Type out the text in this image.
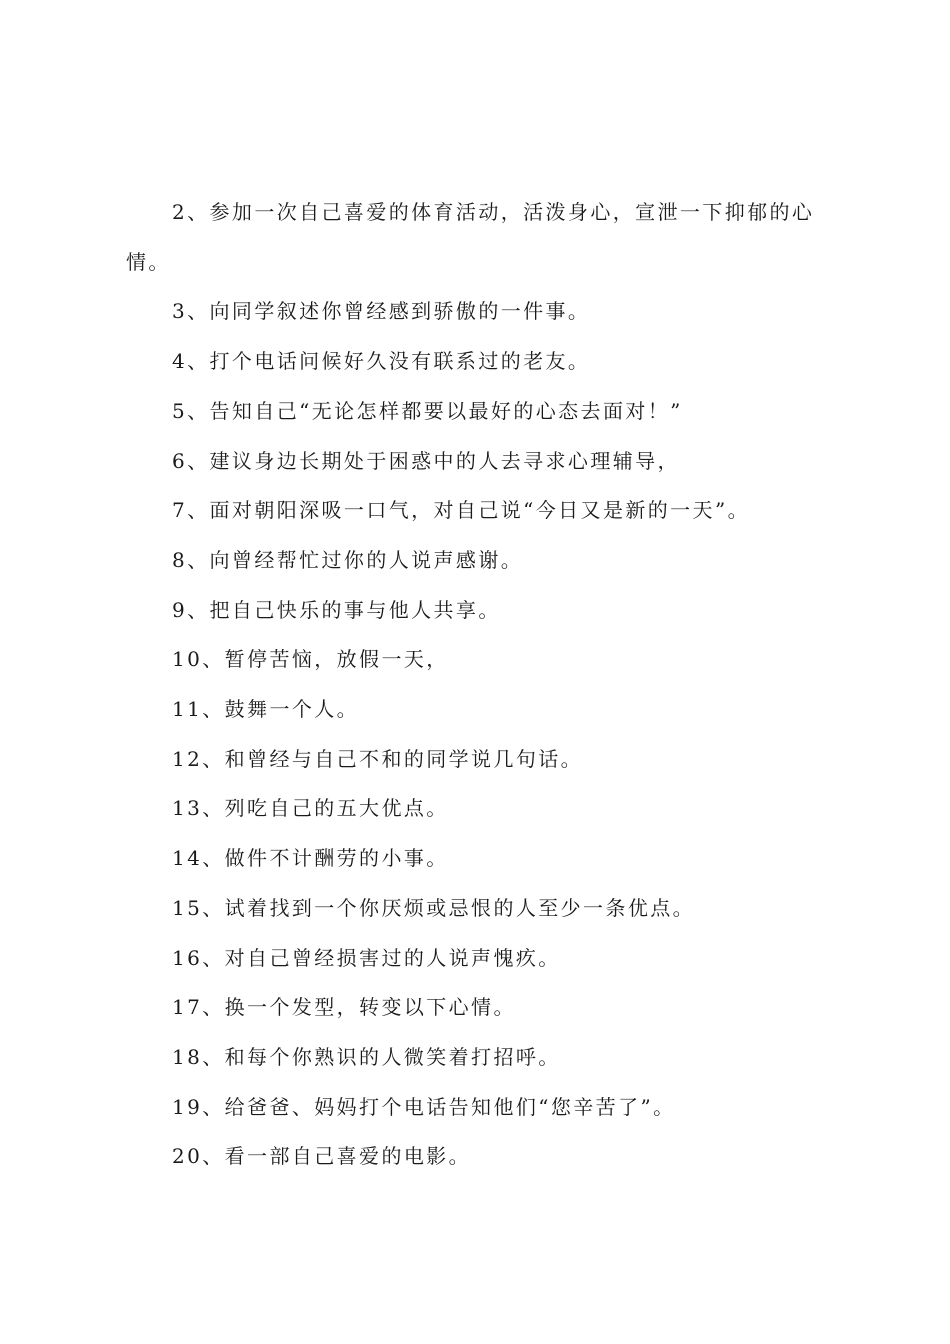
2、参加一次自己喜爱的体育活动，活泼身心，宣泄一下抑郁的心情。

3、向同学叙述你曾经感到骄傲的一件事。

4、打个电话问候好久没有联系过的老友。

5、告知自己“无论怎样都要以最好的心态去面对！”

6、建议身边长期处于困惑中的人去寻求心理辅导，

7、面对朝阳深吸一口气，对自己说“今日又是新的一天”。

8、向曾经帮忙过你的人说声感谢。

9、把自己快乐的事与他人共享。

10、暂停苦恼，放假一天，

11、鼓舞一个人。

12、和曾经与自己不和的同学说几句话。

13、列吃自己的五大优点。

14、做件不计酬劳的小事。

15、试着找到一个你厌烦或忌恨的人至少一条优点。

16、对自己曾经损害过的人说声愧疚。

17、换一个发型，转变以下心情。

18、和每个你熟识的人微笑着打招呼。

19、给爸爸、妈妈打个电话告知他们“您辛苦了”。

20、看一部自己喜爱的电影。
